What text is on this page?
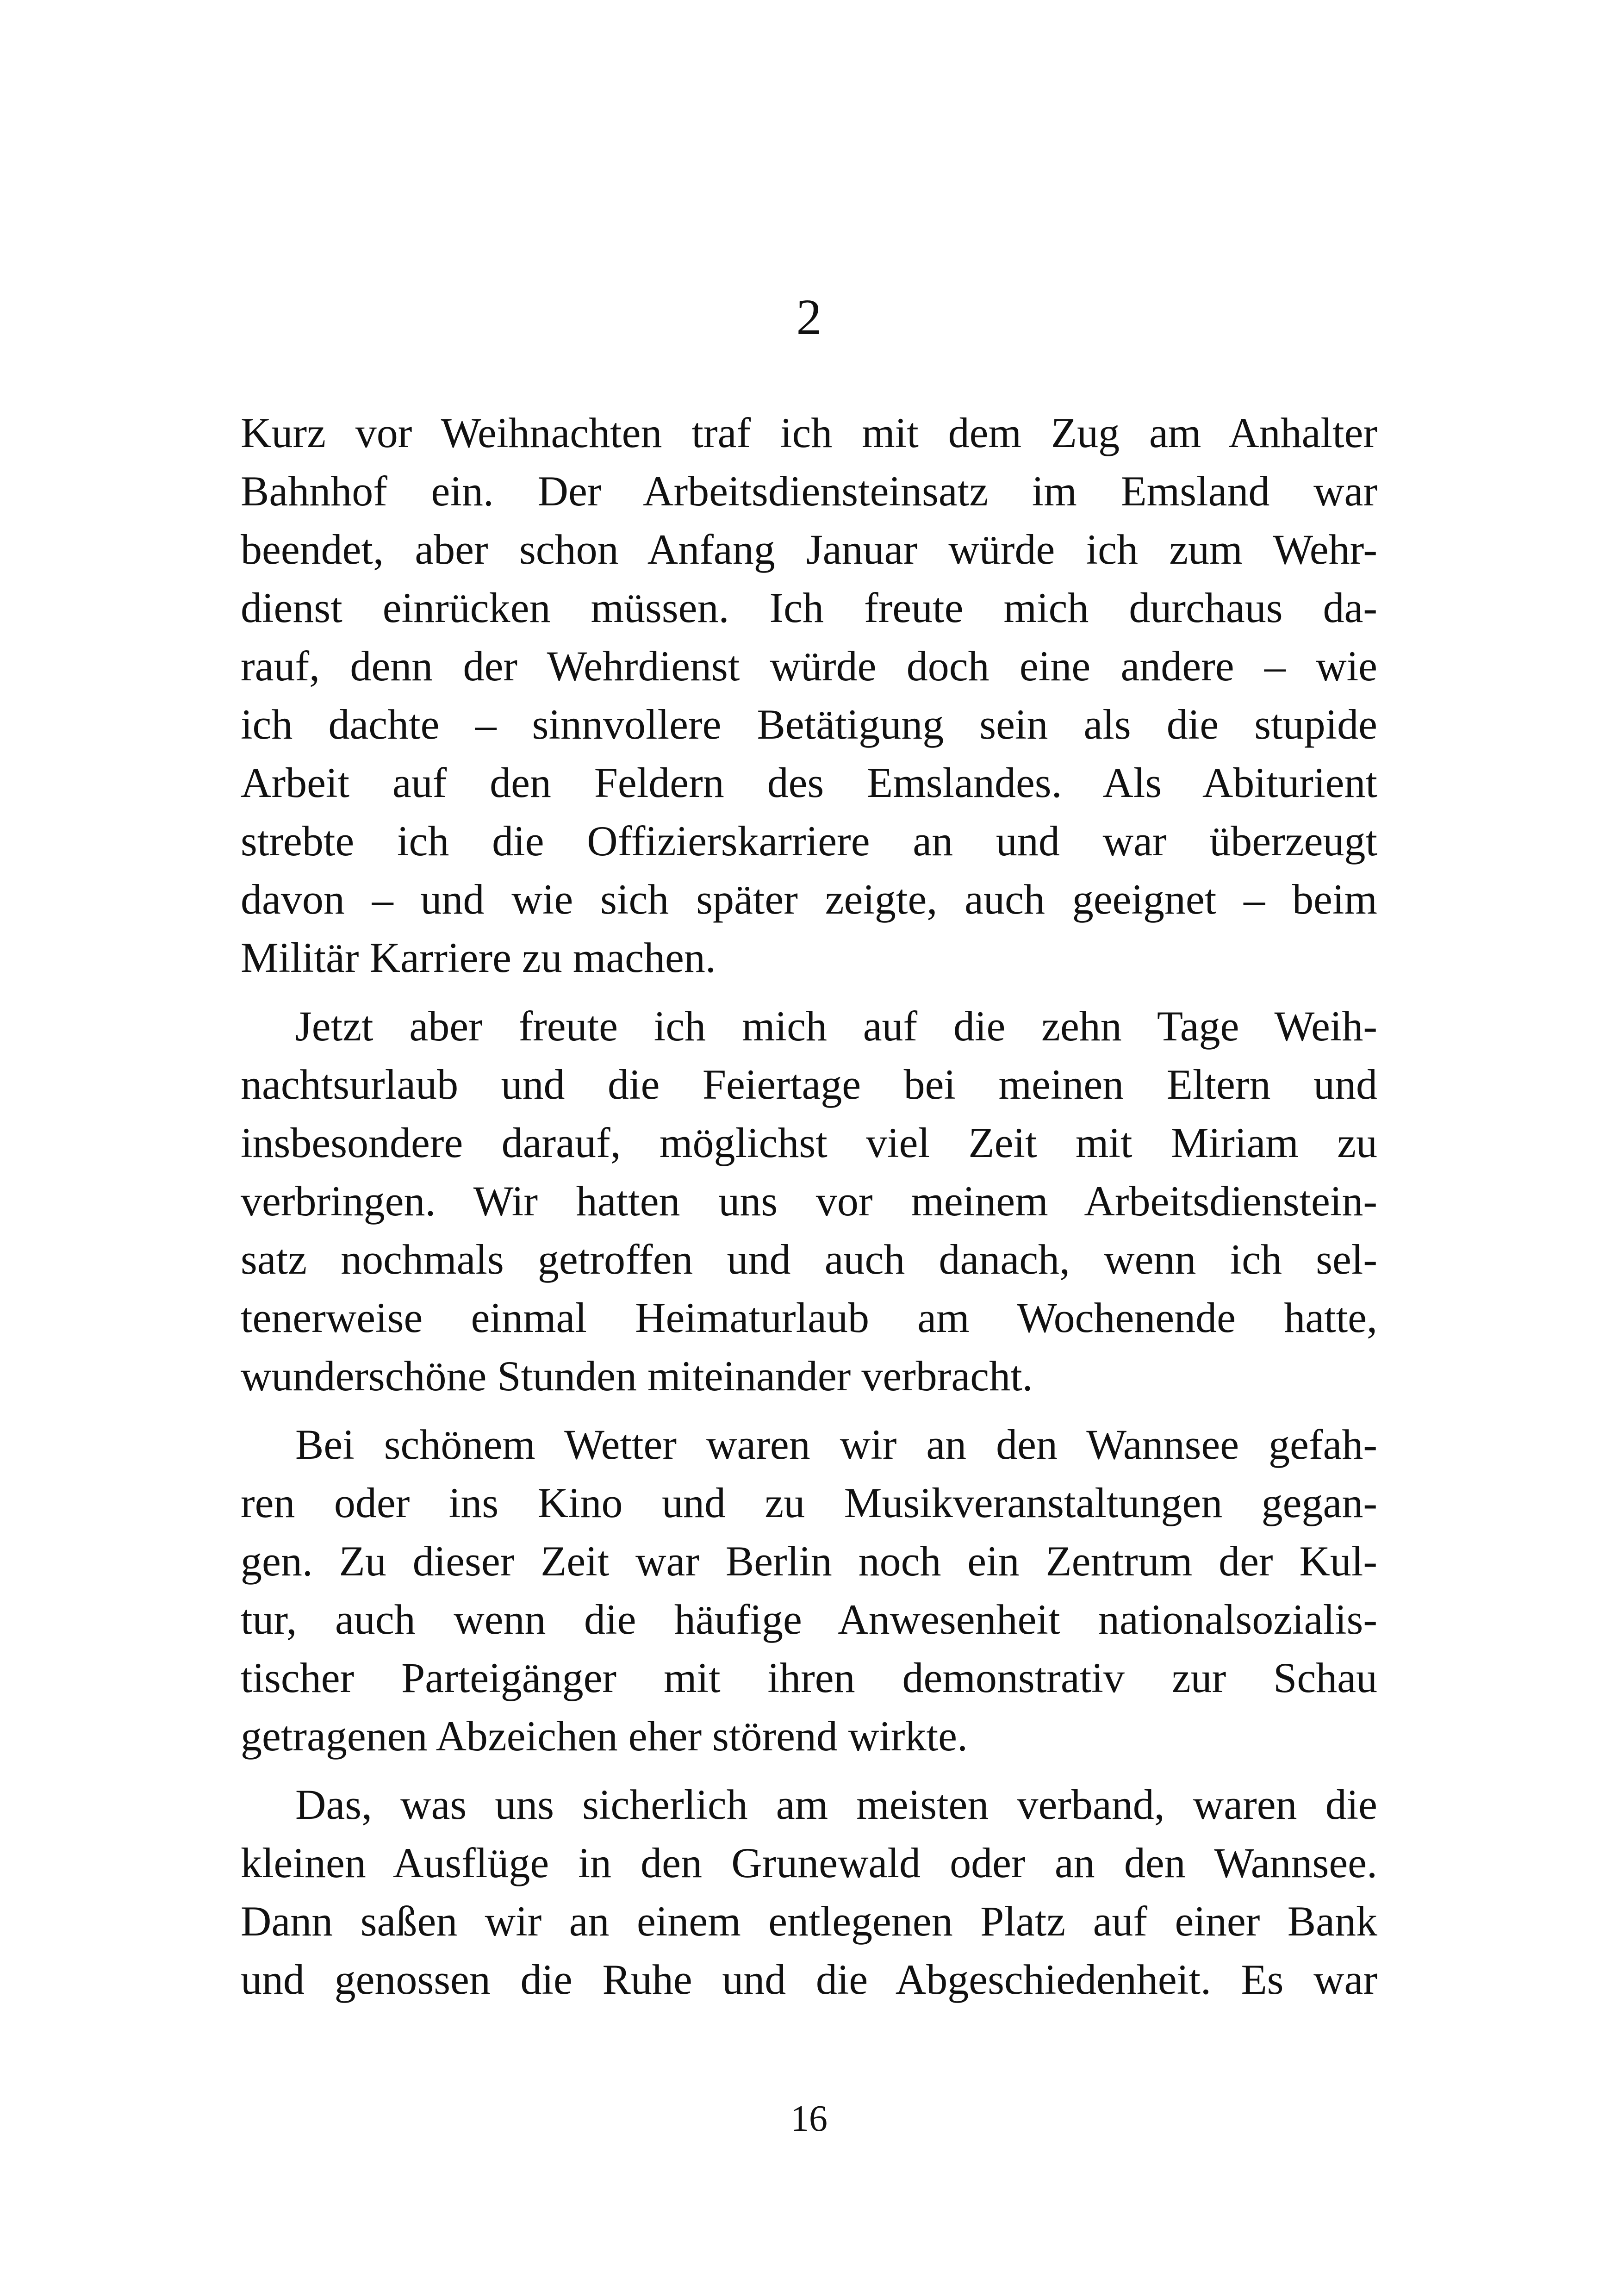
2
Kurz vor Weihnachten traf ich mit dem Zug am Anhalter
Bahnhof ein. Der Arbeitsdiensteinsatz im Emsland war
beendet, aber schon Anfang Januar würde ich zum Wehr-
dienst einrücken müssen. Ich freute mich durchaus da-
rauf, denn der Wehrdienst würde doch eine andere – wie
ich dachte – sinnvollere Betätigung sein als die stupide
Arbeit auf den Feldern des Emslandes. Als Abiturient
strebte ich die Offizierskarriere an und war überzeugt
davon – und wie sich später zeigte, auch geeignet – beim
Militär Karriere zu machen.
Jetzt aber freute ich mich auf die zehn Tage Weih-
nachtsurlaub und die Feiertage bei meinen Eltern und
insbesondere darauf, möglichst viel Zeit mit Miriam zu
verbringen. Wir hatten uns vor meinem Arbeitsdienstein-
satz nochmals getroffen und auch danach, wenn ich sel-
tenerweise einmal Heimaturlaub am Wochenende hatte,
wunderschöne Stunden miteinander verbracht.
Bei schönem Wetter waren wir an den Wannsee gefah-
ren oder ins Kino und zu Musikveranstaltungen gegan-
gen. Zu dieser Zeit war Berlin noch ein Zentrum der Kul-
tur, auch wenn die häufige Anwesenheit nationalsozialis-
tischer Parteigänger mit ihren demonstrativ zur Schau
getragenen Abzeichen eher störend wirkte.
Das, was uns sicherlich am meisten verband, waren die
kleinen Ausflüge in den Grunewald oder an den Wannsee.
Dann saßen wir an einem entlegenen Platz auf einer Bank
und genossen die Ruhe und die Abgeschiedenheit. Es war
16
